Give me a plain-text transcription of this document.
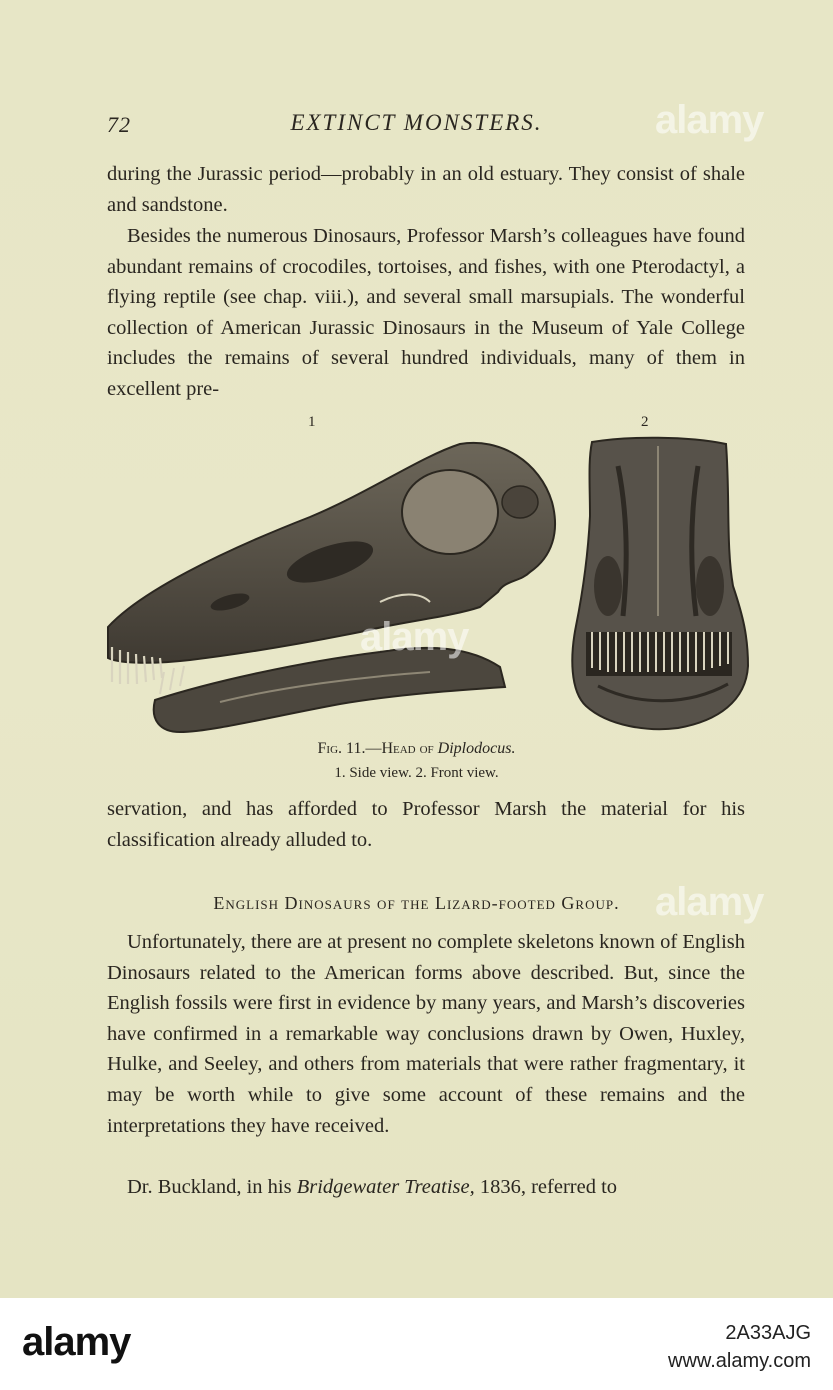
72	EXTINCT MONSTERS.

during the Jurassic period—probably in an old estuary. They consist of shale and sandstone.

Besides the numerous Dinosaurs, Professor Marsh’s colleagues have found abundant remains of crocodiles, tortoises, and fishes, with one Pterodactyl, a flying reptile (see chap. viii.), and several small marsupials. The wonderful collection of American Jurassic Dinosaurs in the Museum of Yale College includes the remains of several hundred individuals, many of them in excellent pre-

1	2
Fig. 11.—Head of Diplodocus.
1. Side view. 2. Front view.

servation, and has afforded to Professor Marsh the material for his classification already alluded to.

English Dinosaurs of the Lizard-footed Group.

Unfortunately, there are at present no complete skeletons known of English Dinosaurs related to the American forms above described. But, since the English fossils were first in evidence by many years, and Marsh’s discoveries have confirmed in a remarkable way conclusions drawn by Owen, Huxley, Hulke, and Seeley, and others from materials that were rather fragmentary, it may be worth while to give some account of these remains and the interpretations they have received.

Dr. Buckland, in his Bridgewater Treatise, 1836, referred to

alamy
alamy
alamy
alamy	2A33AJG
www.alamy.com
